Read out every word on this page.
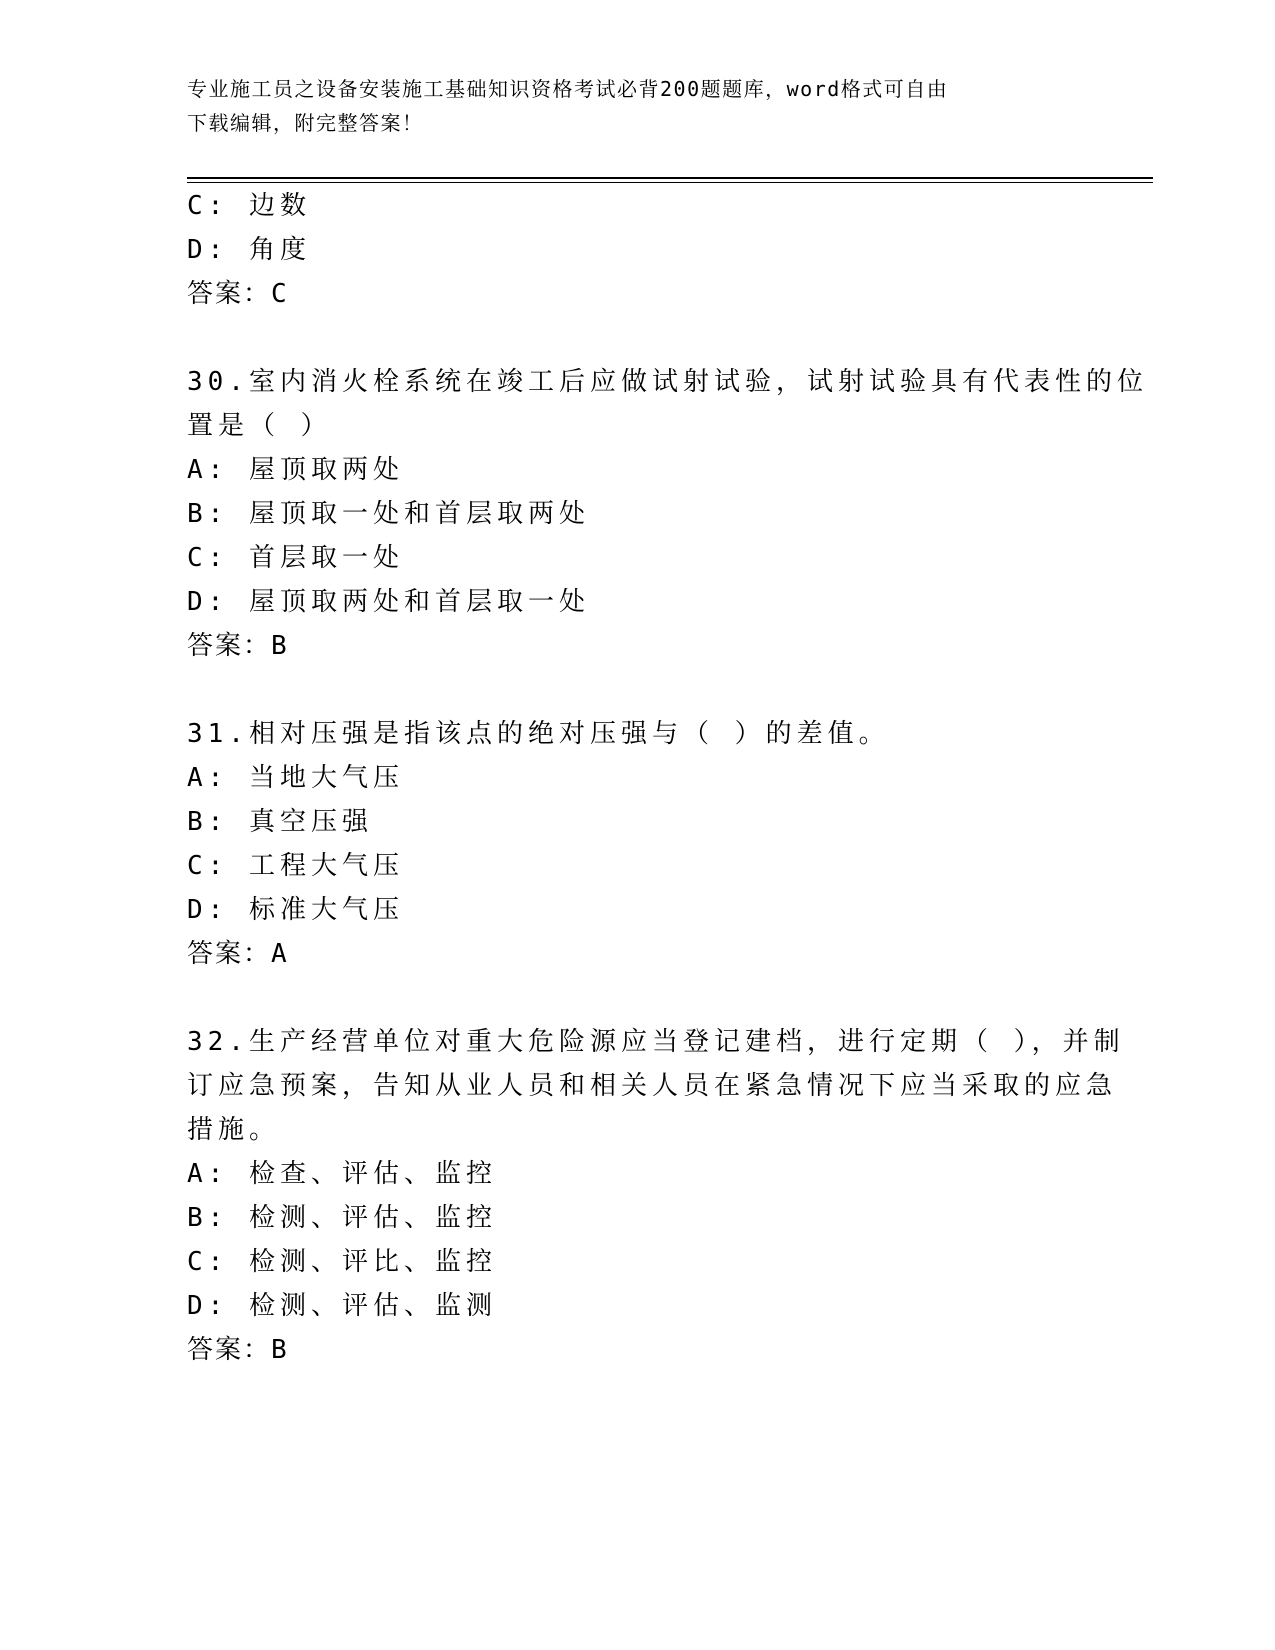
专业施工员之设备安装施工基础知识资格考试必背200题题库，word格式可自由
下载编辑，附完整答案！
C: 边数
D: 角度
答案：C
30.室内消火栓系统在竣工后应做试射试验，试射试验具有代表性的位
置是（ ）
A: 屋顶取两处
B: 屋顶取一处和首层取两处
C: 首层取一处
D: 屋顶取两处和首层取一处
答案：B
31.相对压强是指该点的绝对压强与（ ）的差值。
A: 当地大气压
B: 真空压强
C: 工程大气压
D: 标准大气压
答案：A
32.生产经营单位对重大危险源应当登记建档，进行定期（ ），并制
订应急预案，告知从业人员和相关人员在紧急情况下应当采取的应急
措施。
A: 检查、评估、监控
B: 检测、评估、监控
C: 检测、评比、监控
D: 检测、评估、监测
答案：B
